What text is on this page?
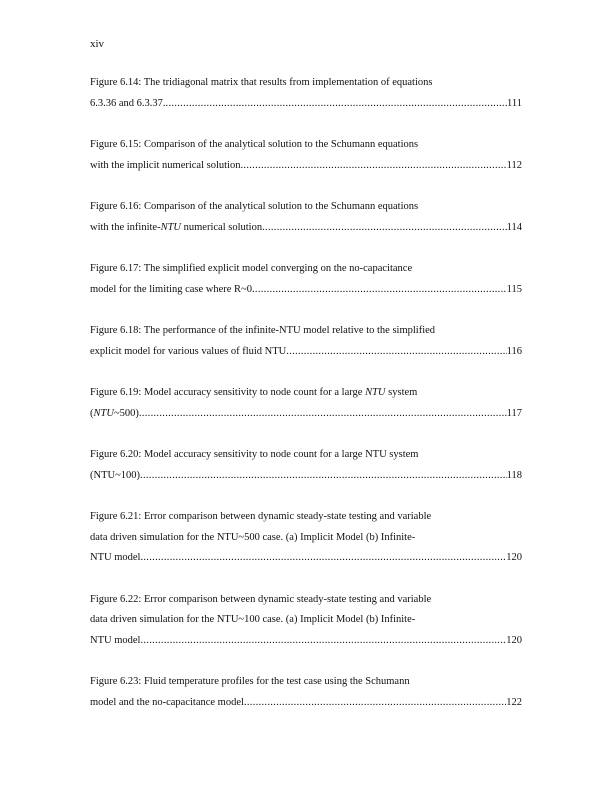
xiv
Figure 6.14: The tridiagonal matrix that results from implementation of equations
6.3.36 and 6.3.37. .....	111
Figure 6.15: Comparison of the analytical solution to the Schumann equations
with the implicit numerical solution .....	112
Figure 6.16: Comparison of the analytical solution to the Schumann equations
with the infinite-NTU numerical solution .....	114
Figure 6.17: The simplified explicit model converging on the no-capacitance
model for the limiting case where R~0 .....	115
Figure 6.18: The performance of the infinite-NTU model relative to the simplified
explicit model for various values of fluid NTU .....	116
Figure 6.19: Model accuracy sensitivity to node count for a large NTU system
(NTU~500) .....	117
Figure 6.20: Model accuracy sensitivity to node count for a large NTU system
(NTU~100) .....	118
Figure 6.21: Error comparison between dynamic steady-state testing and variable
data driven simulation for the NTU~500 case. (a) Implicit Model (b) Infinite-
NTU model .....	120
Figure 6.22: Error comparison between dynamic steady-state testing and variable
data driven simulation for the NTU~100 case. (a) Implicit Model (b) Infinite-
NTU model .....	120
Figure 6.23: Fluid temperature profiles for the test case using the Schumann
model and the no-capacitance model .....	122
